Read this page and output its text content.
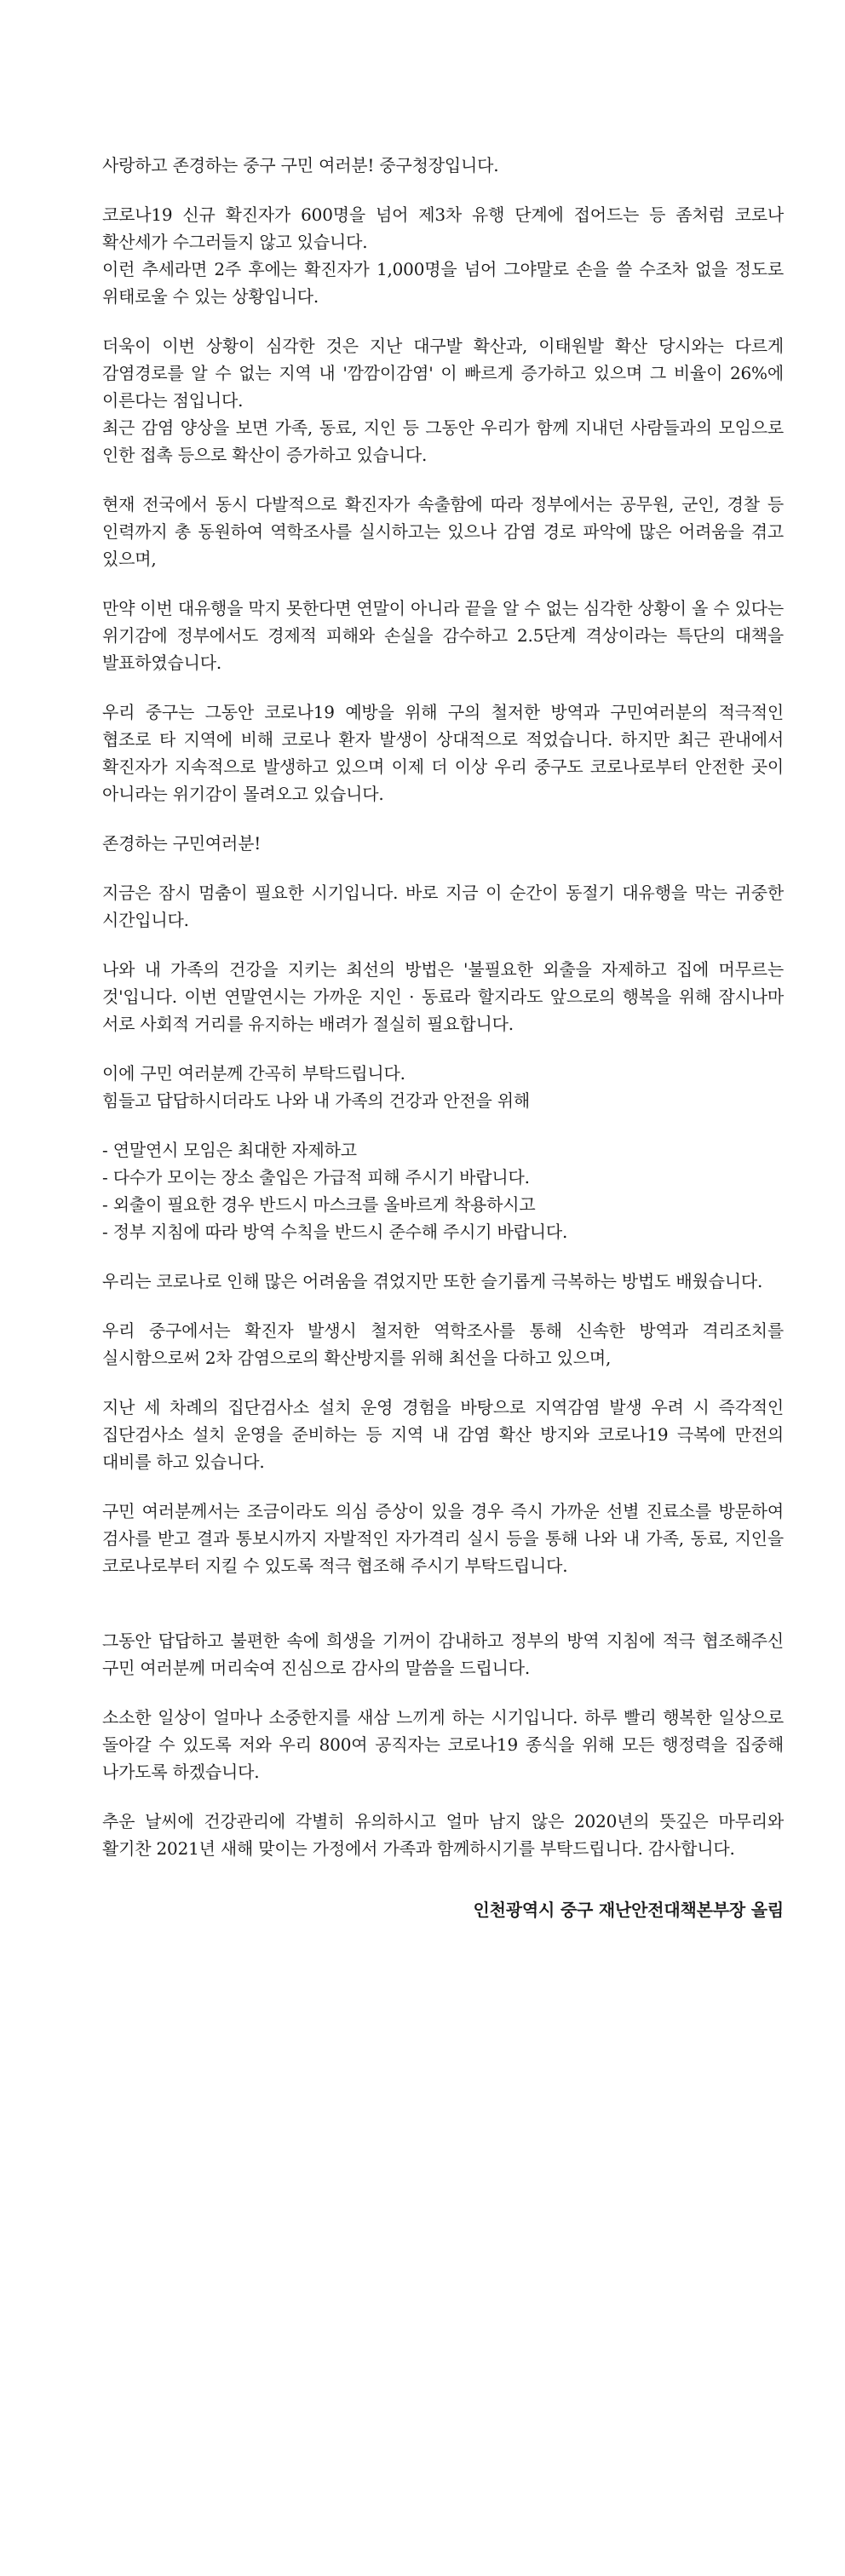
사랑하고 존경하는 중구 구민 여러분! 중구청장입니다.

코로나19 신규 확진자가 600명을 넘어 제3차 유행 단계에 접어드는 등 좀처럼 코로나 확산세가 수그러들지 않고 있습니다.

이런 추세라면 2주 후에는 확진자가 1,000명을 넘어 그야말로 손을 쓸 수조차 없을 정도로 위태로울 수 있는 상황입니다.

더욱이 이번 상황이 심각한 것은 지난 대구발 확산과, 이태원발 확산 당시와는 다르게 감염경로를 알 수 없는 지역 내 '깜깜이감염' 이 빠르게 증가하고 있으며 그 비율이 26%에 이른다는 점입니다.

최근 감염 양상을 보면 가족, 동료, 지인 등 그동안 우리가 함께 지내던 사람들과의 모임으로 인한 접촉 등으로 확산이 증가하고 있습니다.

현재 전국에서 동시 다발적으로 확진자가 속출함에 따라 정부에서는 공무원, 군인, 경찰 등 인력까지 총 동원하여 역학조사를 실시하고는 있으나 감염 경로 파악에 많은 어려움을 겪고 있으며,

만약 이번 대유행을 막지 못한다면 연말이 아니라 끝을 알 수 없는 심각한 상황이 올 수 있다는 위기감에 정부에서도 경제적 피해와 손실을 감수하고 2.5단계 격상이라는 특단의 대책을 발표하였습니다.

우리 중구는 그동안 코로나19 예방을 위해 구의 철저한 방역과 구민여러분의 적극적인 협조로 타 지역에 비해 코로나 환자 발생이 상대적으로 적었습니다. 하지만 최근 관내에서 확진자가 지속적으로 발생하고 있으며 이제 더 이상 우리 중구도 코로나로부터 안전한 곳이 아니라는 위기감이 몰려오고 있습니다.

존경하는 구민여러분!

지금은 잠시 멈춤이 필요한 시기입니다. 바로 지금 이 순간이 동절기 대유행을 막는 귀중한 시간입니다.

나와 내 가족의 건강을 지키는 최선의 방법은 '불필요한 외출을 자제하고 집에 머무르는 것'입니다. 이번 연말연시는 가까운 지인 · 동료라 할지라도 앞으로의 행복을 위해 잠시나마 서로 사회적 거리를 유지하는 배려가 절실히 필요합니다.

이에 구민 여러분께 간곡히 부탁드립니다.

힘들고 답답하시더라도 나와 내 가족의 건강과 안전을 위해

- 연말연시 모임은 최대한 자제하고
- 다수가 모이는 장소 출입은 가급적 피해 주시기 바랍니다.
- 외출이 필요한 경우 반드시 마스크를 올바르게 착용하시고
- 정부 지침에 따라 방역 수칙을 반드시 준수해 주시기 바랍니다.

우리는 코로나로 인해 많은 어려움을 겪었지만 또한 슬기롭게 극복하는 방법도 배웠습니다.

우리 중구에서는 확진자 발생시 철저한 역학조사를 통해 신속한 방역과 격리조치를 실시함으로써 2차 감염으로의 확산방지를 위해 최선을 다하고 있으며,

지난 세 차례의 집단검사소 설치 운영 경험을 바탕으로 지역감염 발생 우려 시 즉각적인 집단검사소 설치 운영을 준비하는 등 지역 내 감염 확산 방지와 코로나19 극복에 만전의 대비를 하고 있습니다.

구민 여러분께서는 조금이라도 의심 증상이 있을 경우 즉시 가까운 선별 진료소를 방문하여 검사를 받고 결과 통보시까지 자발적인 자가격리 실시 등을 통해 나와 내 가족, 동료, 지인을 코로나로부터 지킬 수 있도록 적극 협조해 주시기 부탁드립니다.

그동안 답답하고 불편한 속에 희생을 기꺼이 감내하고 정부의 방역 지침에 적극 협조해주신 구민 여러분께 머리숙여 진심으로 감사의 말씀을 드립니다.

소소한 일상이 얼마나 소중한지를 새삼 느끼게 하는 시기입니다. 하루 빨리 행복한 일상으로 돌아갈 수 있도록 저와 우리 800여 공직자는 코로나19 종식을 위해 모든 행정력을 집중해 나가도록 하겠습니다.

추운 날씨에 건강관리에 각별히 유의하시고 얼마 남지 않은 2020년의 뜻깊은 마무리와 활기찬 2021년 새해 맞이는 가정에서 가족과 함께하시기를 부탁드립니다. 감사합니다.

인천광역시 중구 재난안전대책본부장 올림
